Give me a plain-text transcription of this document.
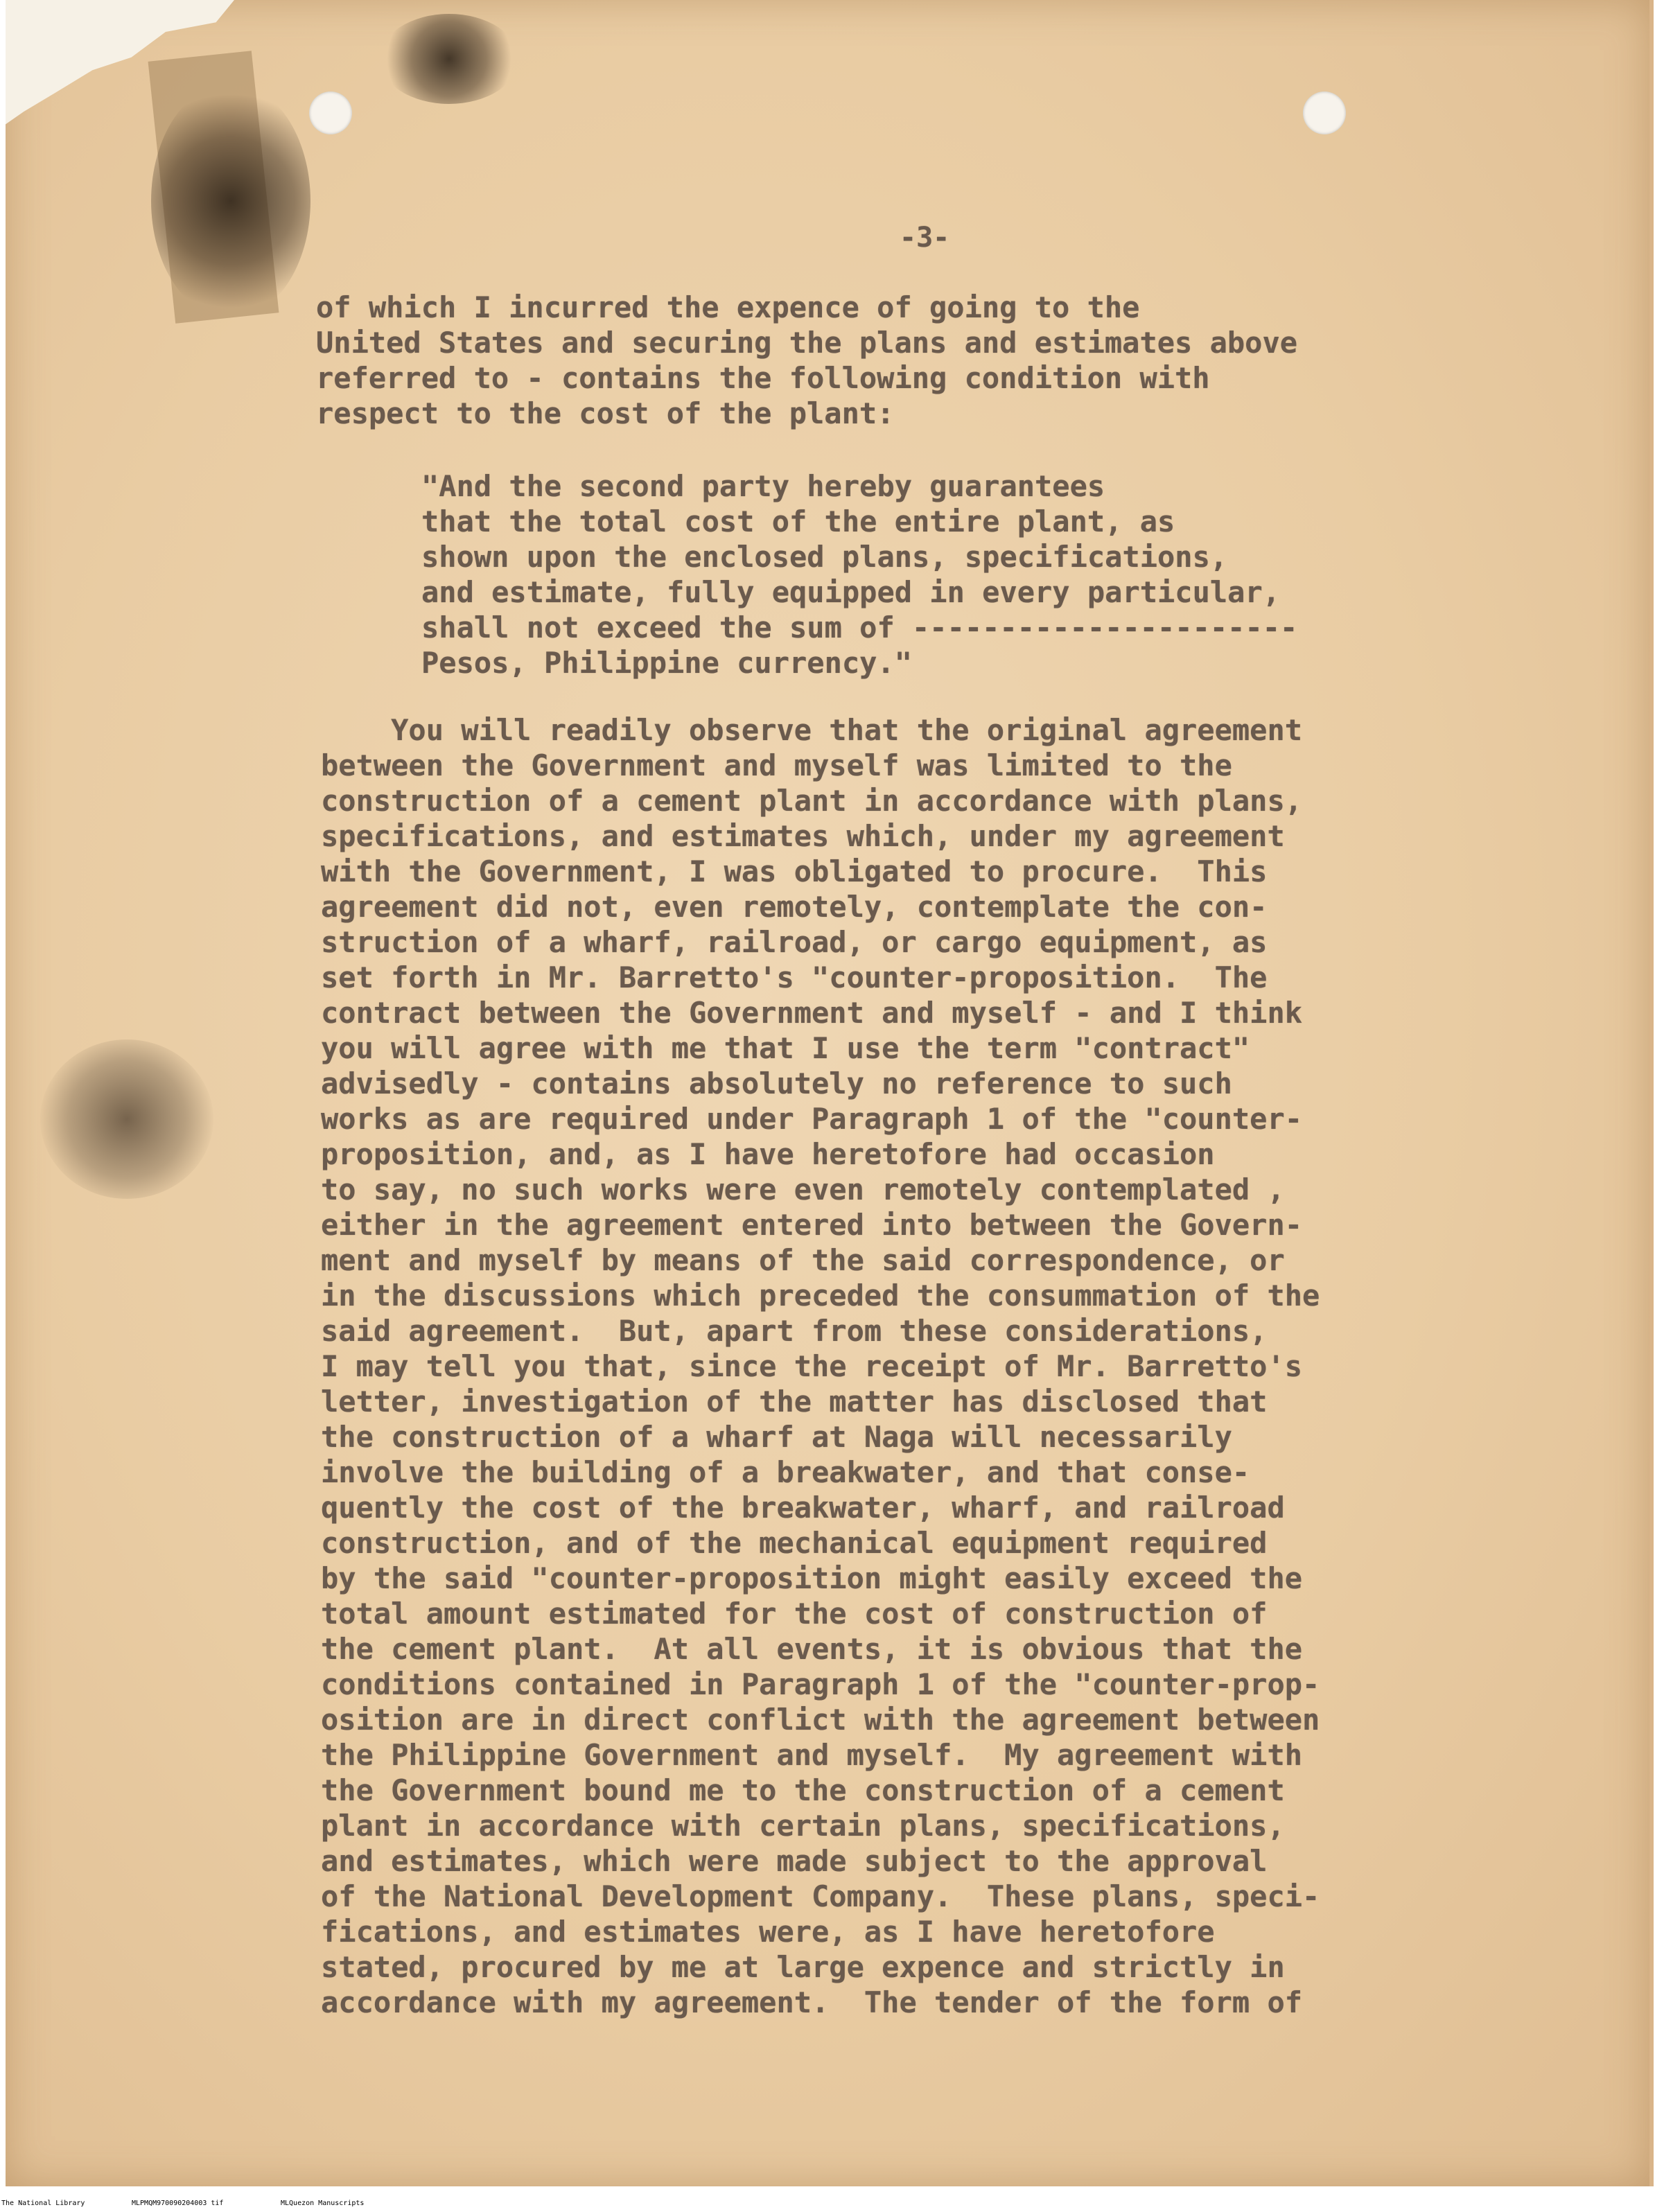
-3-

of which I incurred the expence of going to the
United States and securing the plans and estimates above
referred to - contains the following condition with
respect to the cost of the plant:

"And the second party hereby guarantees
that the total cost of the entire plant, as
shown upon the enclosed plans, specifications,
and estimate, fully equipped in every particular,
shall not exceed the sum of ----------------------
Pesos, Philippine currency."

You will readily observe that the original agreement
between the Government and myself was limited to the
construction of a cement plant in accordance with plans,
specifications, and estimates which, under my agreement
with the Government, I was obligated to procure.  This
agreement did not, even remotely, contemplate the con-
struction of a wharf, railroad, or cargo equipment, as
set forth in Mr. Barretto's "counter-proposition.  The
contract between the Government and myself - and I think
you will agree with me that I use the term "contract"
advisedly - contains absolutely no reference to such
works as are required under Paragraph 1 of the "counter-
proposition, and, as I have heretofore had occasion
to say, no such works were even remotely contemplated ,
either in the agreement entered into between the Govern-
ment and myself by means of the said correspondence, or
in the discussions which preceded the consummation of the
said agreement.  But, apart from these considerations,
I may tell you that, since the receipt of Mr. Barretto's
letter, investigation of the matter has disclosed that
the construction of a wharf at Naga will necessarily
involve the building of a breakwater, and that conse-
quently the cost of the breakwater, wharf, and railroad
construction, and of the mechanical equipment required
by the said "counter-proposition might easily exceed the
total amount estimated for the cost of construction of
the cement plant.  At all events, it is obvious that the
conditions contained in Paragraph 1 of the "counter-prop-
osition are in direct conflict with the agreement between
the Philippine Government and myself.  My agreement with
the Government bound me to the construction of a cement
plant in accordance with certain plans, specifications,
and estimates, which were made subject to the approval
of the National Development Company.  These plans, speci-
fications, and estimates were, as I have heretofore
stated, procured by me at large expence and strictly in
accordance with my agreement.  The tender of the form of

The National Library	MLPMQM970090204003 tif	MLQuezon Manuscripts
